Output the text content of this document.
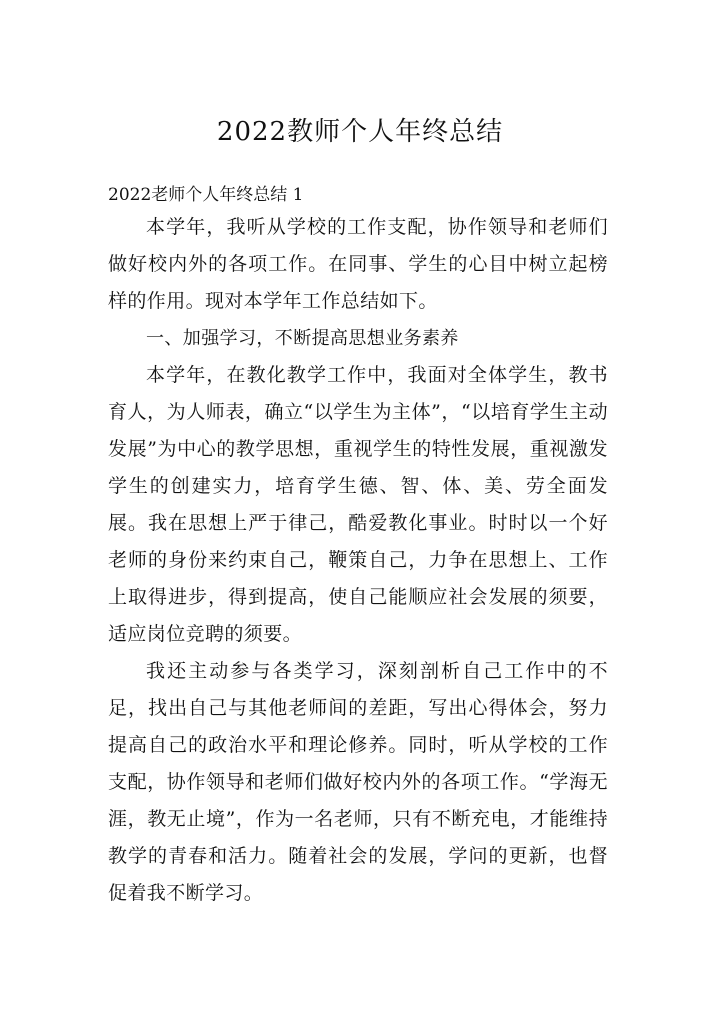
2022教师个人年终总结

2022老师个人年终总结 1

本学年，我听从学校的工作支配，协作领导和老师们做好校内外的各项工作。在同事、学生的心目中树立起榜样的作用。现对本学年工作总结如下。

一、加强学习，不断提高思想业务素养

本学年，在教化教学工作中，我面对全体学生，教书育人，为人师表，确立“以学生为主体”，“以培育学生主动发展”为中心的教学思想，重视学生的特性发展，重视激发学生的创建实力，培育学生德、智、体、美、劳全面发展。我在思想上严于律己，酷爱教化事业。时时以一个好老师的身份来约束自己，鞭策自己，力争在思想上、工作上取得进步，得到提高，使自己能顺应社会发展的须要，适应岗位竞聘的须要。

我还主动参与各类学习，深刻剖析自己工作中的不足，找出自己与其他老师间的差距，写出心得体会，努力提高自己的政治水平和理论修养。同时，听从学校的工作支配，协作领导和老师们做好校内外的各项工作。“学海无涯，教无止境”，作为一名老师，只有不断充电，才能维持教学的青春和活力。随着社会的发展，学问的更新，也督促着我不断学习。
